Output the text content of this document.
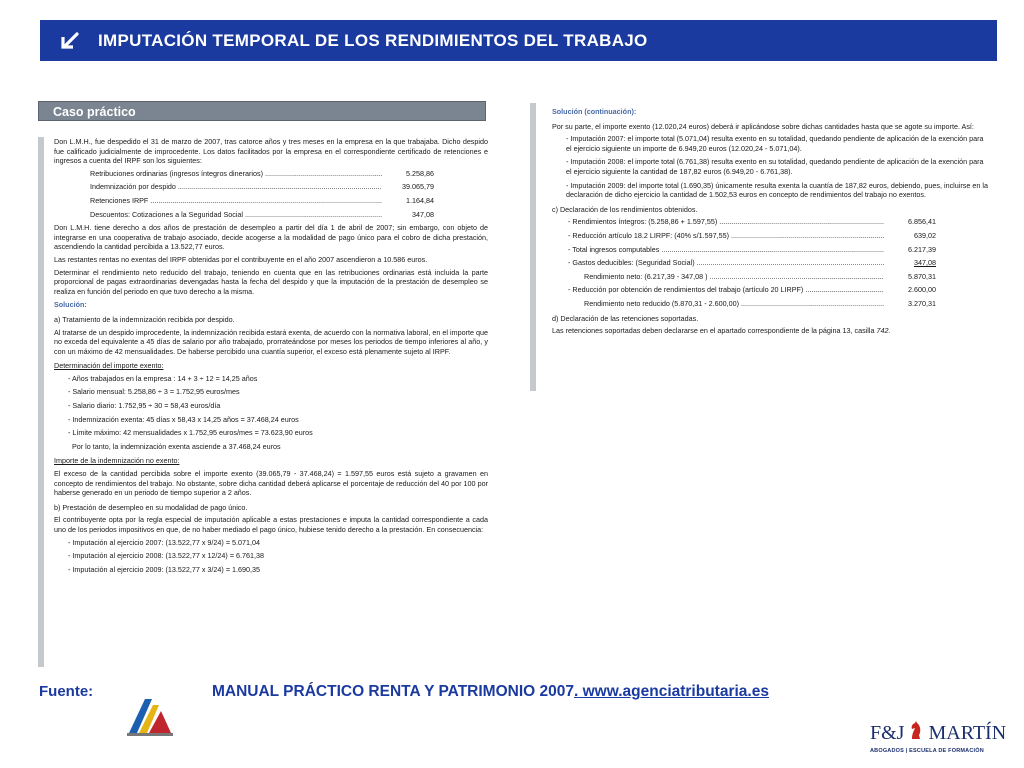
IMPUTACIÓN TEMPORAL DE LOS RENDIMIENTOS DEL TRABAJO
Caso práctico

Don L.M.H., fue despedido el 31 de marzo de 2007, tras catorce años y tres meses en la empresa en la que trabajaba. Dicho despido fue calificado judicialmente de improcedente. Los datos facilitados por la empresa en el correspondiente certificado de retenciones e ingresos a cuenta del IRPF son los siguientes:

Retribuciones ordinarias (ingresos íntegros dinerarios) .....	5.258,86
Indemnización por despido .....	39.065,79
Retenciones IRPF .....	1.164,84
Descuentos: Cotizaciones a la Seguridad Social .....	347,08

Don L.M.H. tiene derecho a dos años de prestación de desempleo a partir del día 1 de abril de 2007; sin embargo, con objeto de integrarse en una cooperativa de trabajo asociado, decide acogerse a la modalidad de pago único para el cobro de dicha prestación, ascendiendo la cantidad percibida a 13.522,77 euros.

Las restantes rentas no exentas del IRPF obtenidas por el contribuyente en el año 2007 ascendieron a 10.586 euros.

Determinar el rendimiento neto reducido del trabajo, teniendo en cuenta que en las retribuciones ordinarias está incluida la parte proporcional de pagas extraordinarias devengadas hasta la fecha del despido y que la imputación de la prestación de desempleo se realiza en función del periodo en que tuvo derecho a la misma.

Solución:
a) Tratamiento de la indemnización recibida por despido.

Al tratarse de un despido improcedente, la indemnización recibida estará exenta, de acuerdo con la normativa laboral, en el importe que no exceda del equivalente a 45 días de salario por año trabajado, prorrateándose por meses los periodos de tiempo inferiores al año, y con un máximo de 42 mensualidades. De haberse percibido una cuantía superior, el exceso está plenamente sujeto al IRPF.

Determinación del importe exento:
- Años trabajados en la empresa : 14 + 3 ÷ 12 = 14,25 años
- Salario mensual: 5.258,86 ÷ 3 = 1.752,95 euros/mes
- Salario diario: 1.752,95 ÷ 30 = 58,43 euros/día
- Indemnización exenta: 45 días x 58,43 x 14,25 años = 37.468,24 euros
- Límite máximo: 42 mensualidades x 1.752,95 euros/mes = 73.623,90 euros
Por lo tanto, la indemnización exenta asciende a 37.468,24 euros
Importe de la indemnización no exento:

El exceso de la cantidad percibida sobre el importe exento (39.065,79 - 37.468,24) = 1.597,55 euros está sujeto a gravamen en concepto de rendimientos del trabajo. No obstante, sobre dicha cantidad deberá aplicarse el porcentaje de reducción del 40 por 100 por haberse generado en un periodo de tiempo superior a 2 años.

b) Prestación de desempleo en su modalidad de pago único.

El contribuyente opta por la regla especial de imputación aplicable a estas prestaciones e imputa la cantidad correspondiente a cada uno de los periodos impositivos en que, de no haber mediado el pago único, hubiese tenido derecho a la prestación. En consecuencia:

- Imputación al ejercicio 2007: (13.522,77 x 9/24) = 5.071,04
- Imputación al ejercicio 2008: (13.522,77 x 12/24) = 6.761,38
- Imputación al ejercicio 2009: (13.522,77 x 3/24) = 1.690,35
Solución (continuación):

Por su parte, el importe exento (12.020,24 euros) deberá ir aplicándose sobre dichas cantidades hasta que se agote su importe. Así:

- Imputación 2007: el importe total (5.071,04) resulta exento en su totalidad, quedando pendiente de aplicación de la exención para el ejercicio siguiente un importe de 6.949,20 euros (12.020,24 - 5.071,04).

- Imputación 2008: el importe total (6.761,38) resulta exento en su totalidad, quedando pendiente de aplicación de la exención para el ejercicio siguiente la cantidad de 187,82 euros (6.949,20 - 6.761,38).

- Imputación 2009: del importe total (1.690,35) únicamente resulta exenta la cuantía de 187,82 euros, debiendo, pues, incluirse en la declaración de dicho ejercicio la cantidad de 1.502,53 euros en concepto de rendimientos del trabajo no exentos.

c) Declaración de los rendimientos obtenidos.
- Rendimientos íntegros: (5.258,86 + 1.597,55) .....	6.856,41
- Reducción artículo 18.2 LIRPF: (40% s/1.597,55) .....	639,02
- Total ingresos computables .....	6.217,39
- Gastos deducibles: (Seguridad Social) .....	347,08
Rendimiento neto: (6.217,39 - 347,08 ) .....	5.870,31
- Reducción por obtención de rendimientos del trabajo (artículo 20 LIRPF) .....	2.600,00
Rendimiento neto reducido (5.870,31 - 2.600,00) .....	3.270,31
d) Declaración de las retenciones soportadas.

Las retenciones soportadas deben declararse en el apartado correspondiente de la página 13, casilla 742.

Fuente:	MANUAL PRÁCTICO RENTA Y PATRIMONIO 2007. www.agenciatributaria.es
F&J MARTÍN
ABOGADOS | ESCUELA DE FORMACIÓN
